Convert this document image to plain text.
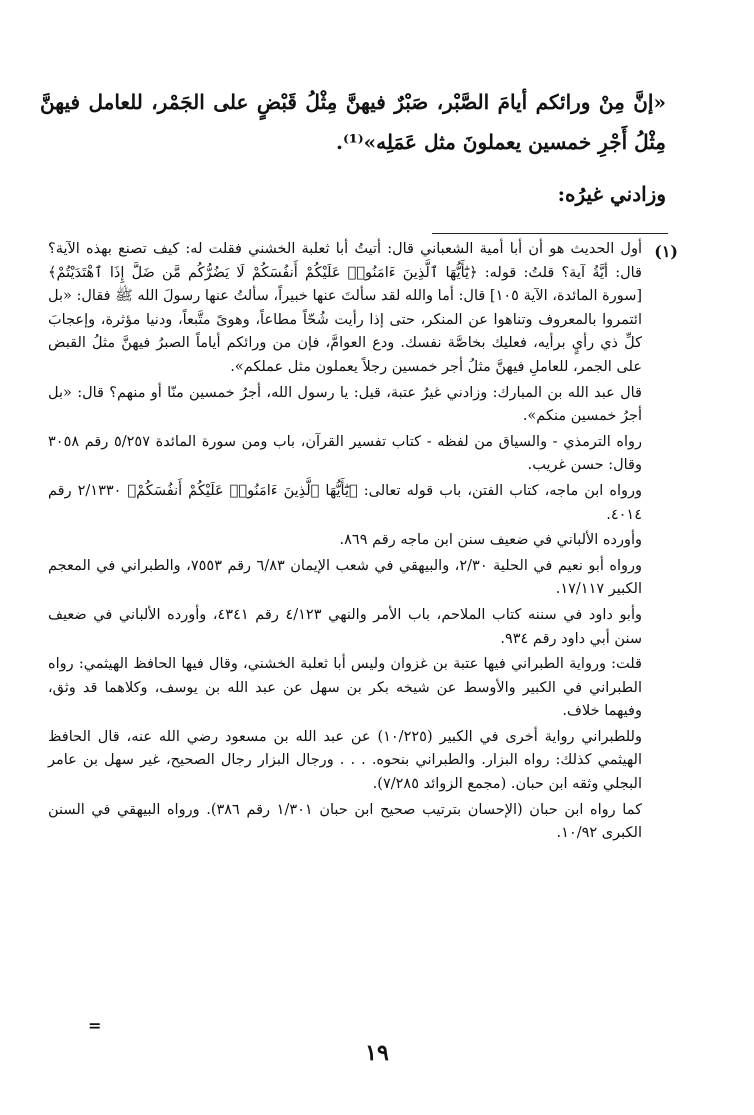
«إنَّ مِنْ ورائكم أيامَ الصَّبْر، صَبْرٌ فيهنَّ مِثْلُ قَبْضٍ على الجَمْر، للعامل فيهنَّ مِثْلُ أَجْرِ خمسين يعملونَ مثل عَمَلِه»⁽¹⁾.

وزادني غيرُه:

(١)

أول الحديث هو أن أبا أمية الشعباني قال: أتيتُ أبا ثعلبة الخشني فقلت له: كيف تصنع بهذه الآية؟ قال: أيَّةُ آية؟ قلتُ: قوله: ﴿يَٰٓأَيُّهَا ٱلَّذِينَ ءَامَنُوا۟ عَلَيْكُمْ أَنفُسَكُمْ لَا يَضُرُّكُم مَّن ضَلَّ إِذَا ٱهْتَدَيْتُمْ﴾ [سورة المائدة، الآية ١٠٥] قال: أما والله لقد سألتَ عنها خبيراً، سألتُ عنها رسولَ الله ﷺ فقال: «بل ائتمروا بالمعروف وتناهوا عن المنكر، حتى إذا رأيت شُحّاً مطاعاً، وهوىً متَّبعاً، ودنيا مؤثرة، وإعجابَ كلِّ ذي رأيٍ برأيه، فعليك بخاصَّة نفسك. ودع العوامَّ، فإن من ورائكم أياماً الصبرُ فيهنَّ مثلُ القبض على الجمر، للعاملِ فيهنَّ مثلُ أجر خمسين رجلاً يعملون مثل عملكم».

قال عبد الله بن المبارك: وزادني غيرُ عتبة، قيل: يا رسول الله، أجرُ خمسين منّا أو منهم؟ قال: «بل أجرُ خمسين منكم».

رواه الترمذي - والسياق من لفظه - كتاب تفسير القرآن، باب ومن سورة المائدة ٥/٢٥٧ رقم ٣٠٥٨ وقال: حسن غريب.

ورواه ابن ماجه، كتاب الفتن، باب قوله تعالى: ﴿يَٰٓأَيُّهَا ٱلَّذِينَ ءَامَنُوا۟ عَلَيْكُمْ أَنفُسَكُمْ﴾ ٢/١٣٣٠ رقم ٤٠١٤.

وأورده الألباني في ضعيف سنن ابن ماجه رقم ٨٦٩.

ورواه أبو نعيم في الحلية ٢/٣٠، والبيهقي في شعب الإيمان ٦/٨٣ رقم ٧٥٥٣، والطبراني في المعجم الكبير ١٧/١١٧.

وأبو داود في سننه كتاب الملاحم، باب الأمر والنهي ٤/١٢٣ رقم ٤٣٤١، وأورده الألباني في ضعيف سنن أبي داود رقم ٩٣٤.

قلت: ورواية الطبراني فيها عتبة بن غزوان وليس أبا ثعلبة الخشني، وقال فيها الحافظ الهيثمي: رواه الطبراني في الكبير والأوسط عن شيخه بكر بن سهل عن عبد الله بن يوسف، وكلاهما قد وثق، وفيهما خلاف.

وللطبراني رواية أخرى في الكبير (١٠/٢٢٥) عن عبد الله بن مسعود رضي الله عنه، قال الحافظ الهيثمي كذلك: رواه البزار. والطبراني بنحوه. . . . ورجال البزار رجال الصحيح، غير سهل بن عامر البجلي وثقه ابن حبان. (مجمع الزوائد ٧/٢٨٥).

كما رواه ابن حبان (الإحسان بترتيب صحيح ابن حبان ١/٣٠١ رقم ٣٨٦). ورواه البيهقي في السنن الكبرى ١٠/٩٢.

=
١٩
